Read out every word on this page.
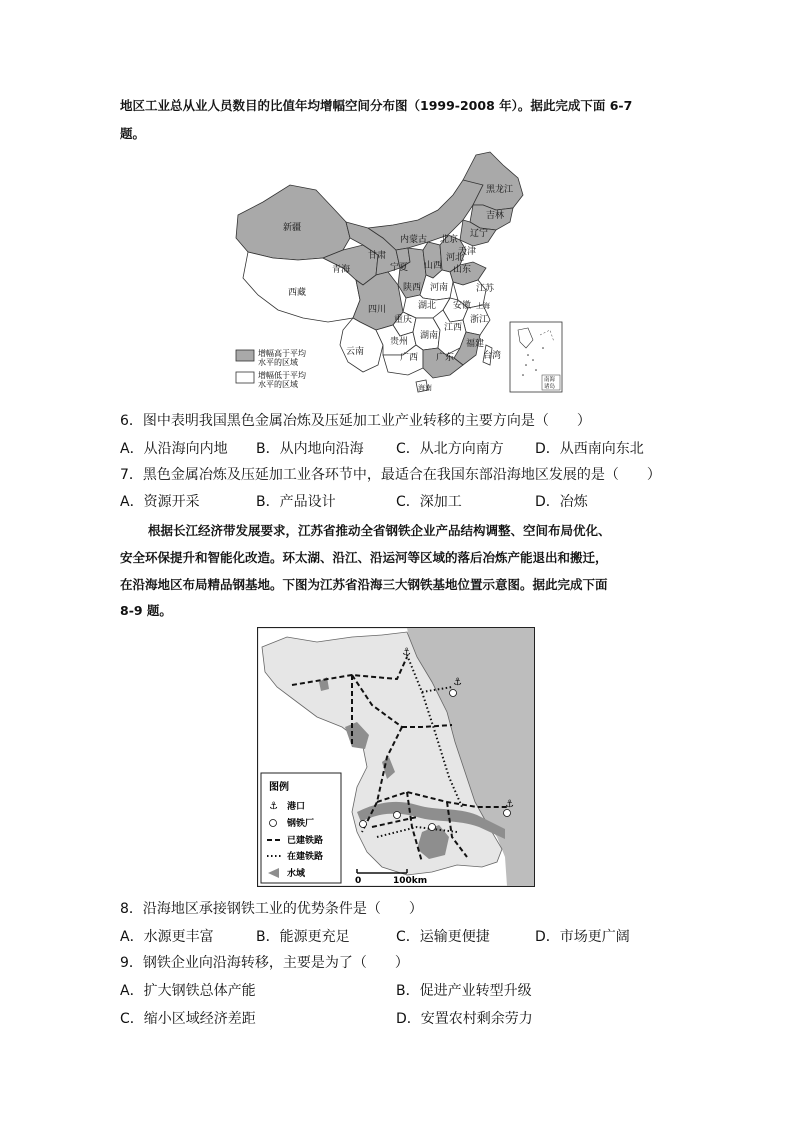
地区工业总从业人员数目的比值年均增幅空间分布图（1999-2008 年）。据此完成下面 6-7
题。
新疆
西藏
青海
甘肃
内蒙古
宁夏
四川
陕西
山西
河北
北京
天津
黑龙江
吉林
辽宁
山东
河南	江苏
安徽
浙江
上海
湖北
重庆
贵州
云南
湖南
江西
福建
广西 广东	台湾
海南
增幅高于平均
水平的区域
增幅低于平均
水平的区域	南海
诸岛
6．图中表明我国黑色金属冶炼及压延加工业产业转移的主要方向是（　　）
A．从沿海向内地 B．从内地向沿海 C．从北方向南方 D．从西南向东北
7．黑色金属冶炼及压延加工业各环节中，最适合在我国东部沿海地区发展的是（　　）
A．资源开采	B．产品设计	C．深加工	D．冶炼
根据长江经济带发展要求，江苏省推动全省钢铁企业产品结构调整、空间布局优化、
安全环保提升和智能化改造。环太湖、沿江、沿运河等区域的落后冶炼产能退出和搬迁，
在沿海地区布局精品钢基地。下图为江苏省沿海三大钢铁基地位置示意图。据此完成下面
8-9 题。
⚓
⚓
⚓
图例
⚓ 港口
钢铁厂
已建铁路
在建铁路
水域
0	100km
8．沿海地区承接钢铁工业的优势条件是（　　）
A．水源更丰富	B．能源更充足	C．运输更便捷	D．市场更广阔
9．钢铁企业向沿海转移，主要是为了（　　）
A．扩大钢铁总体产能	B．促进产业转型升级
C．缩小区域经济差距	D．安置农村剩余劳力
